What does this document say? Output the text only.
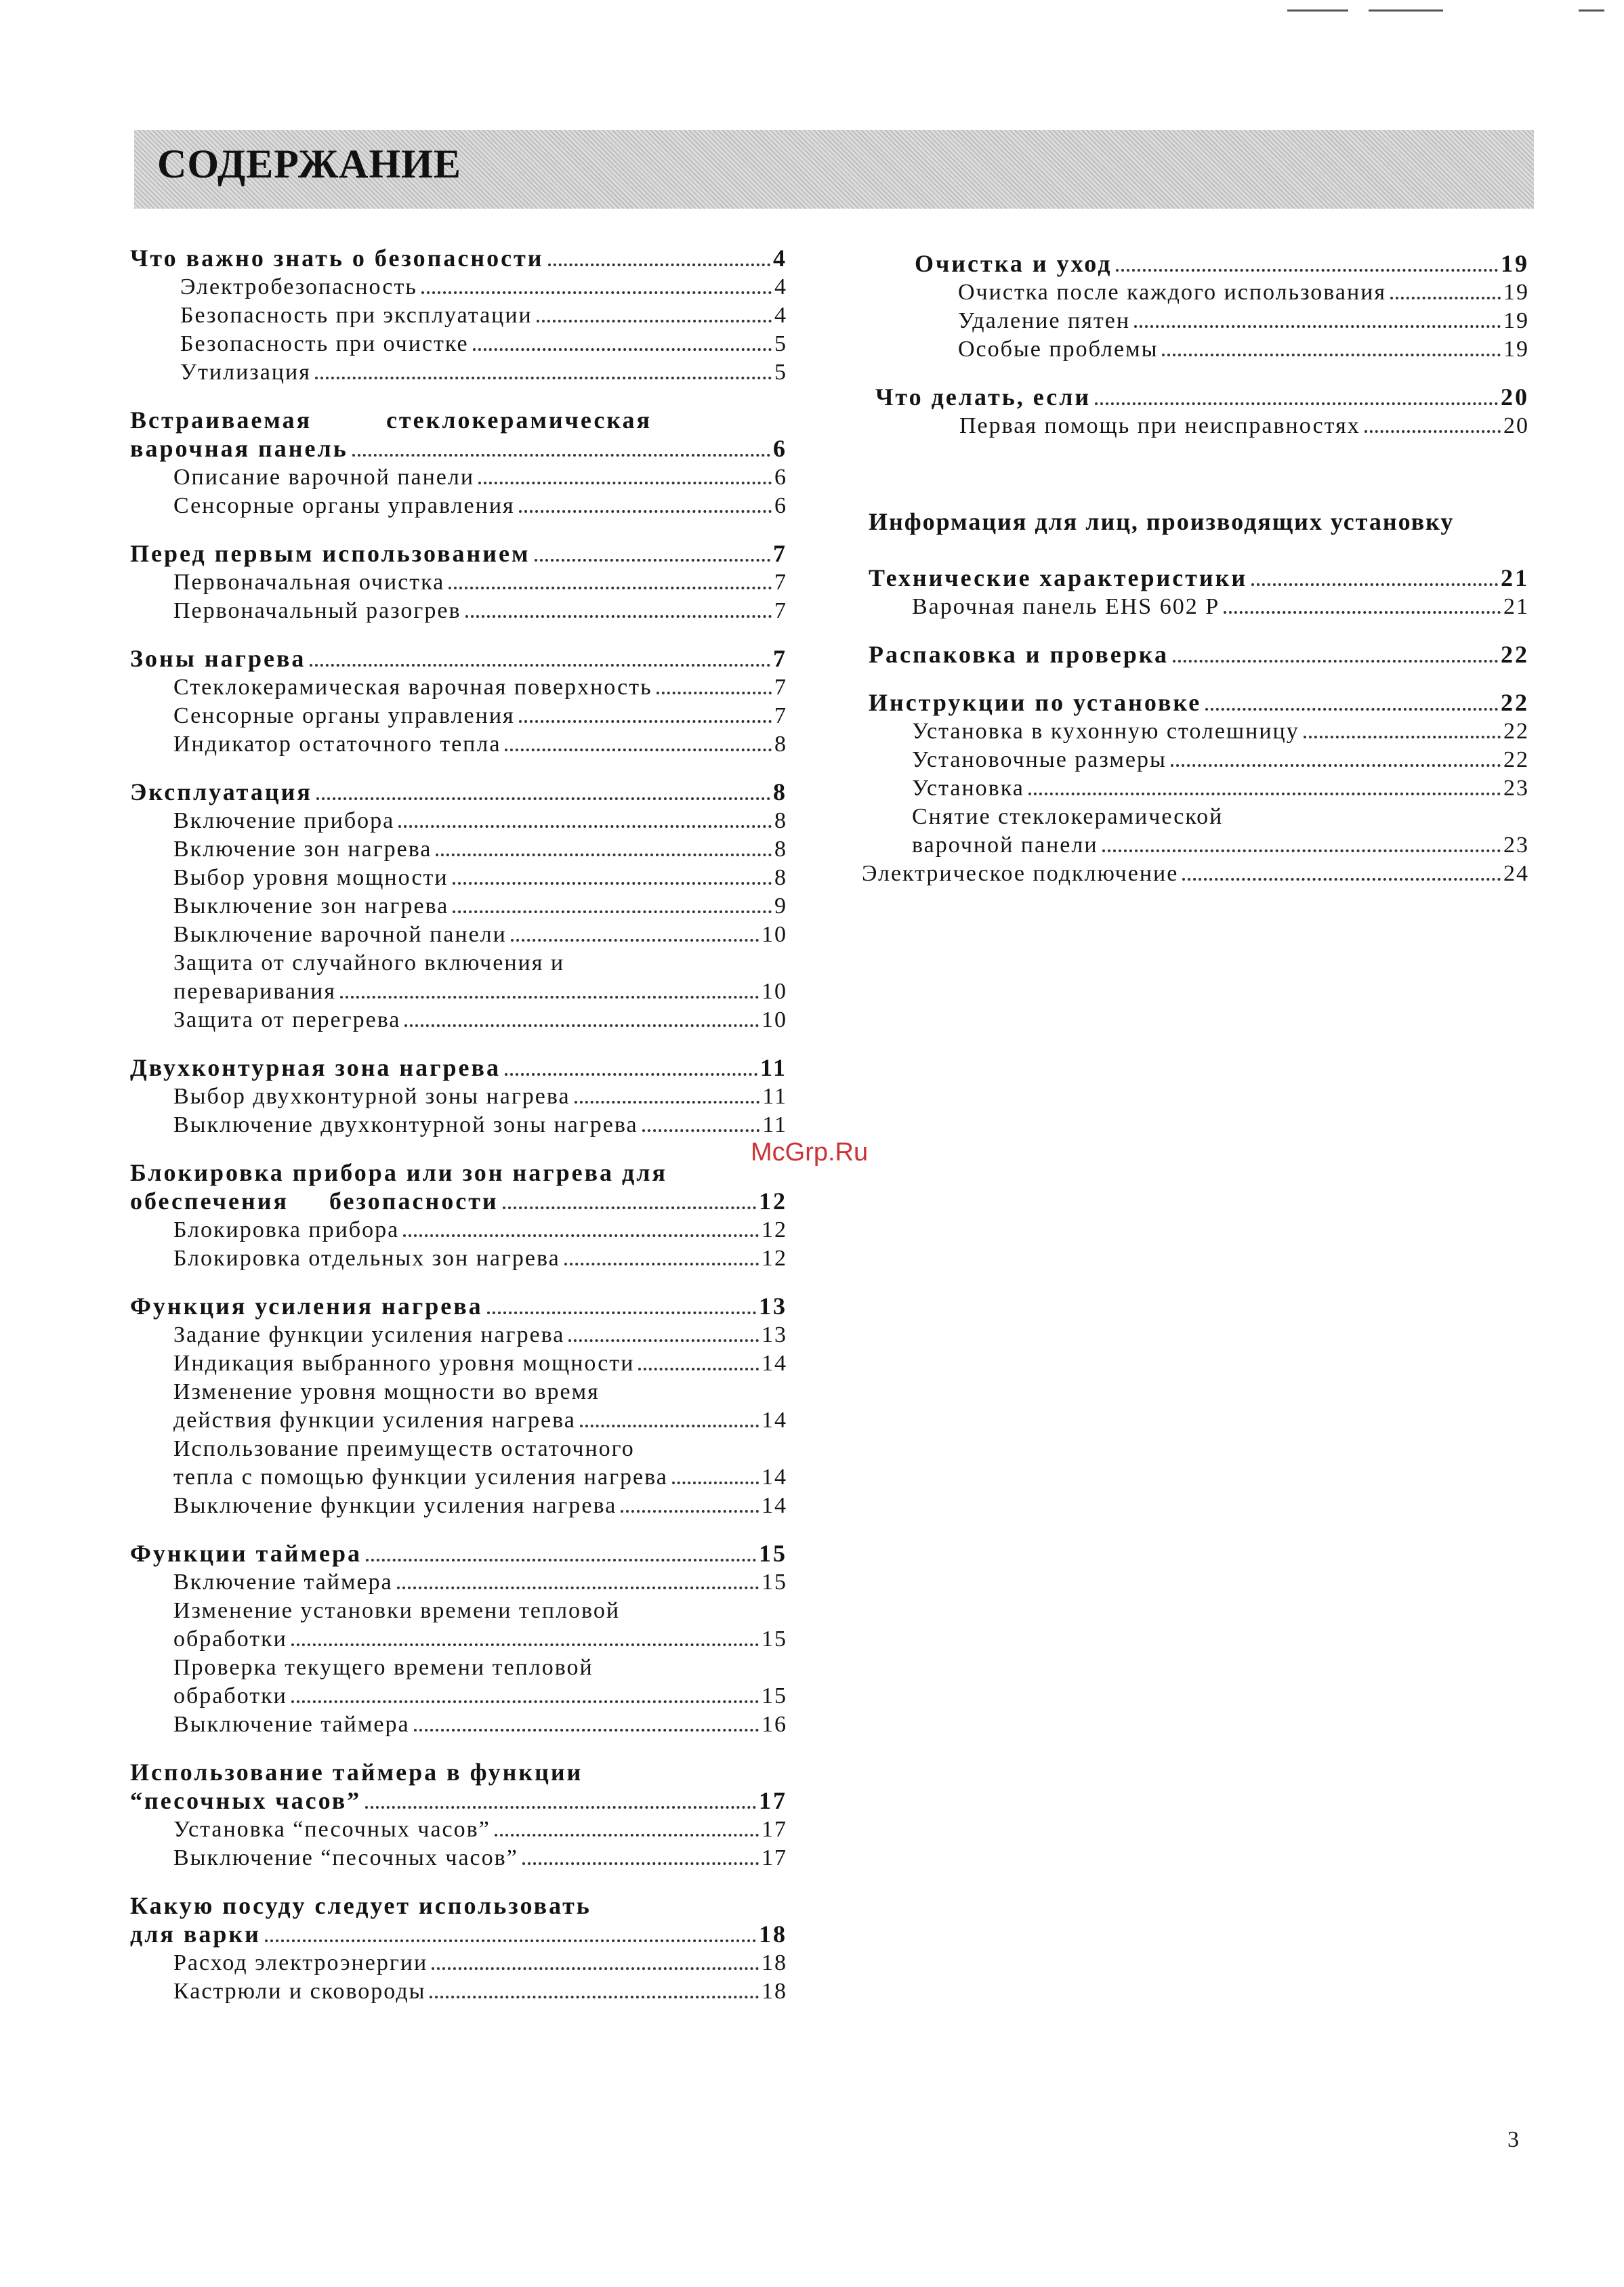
СОДЕРЖАНИЕ
Что важно знать о безопасности	4
Электробезопасность	4
Безопасность при эксплуатации	4
Безопасность при очистке	5
Утилизация	5
Встраиваемая	стеклокерамическая
варочная панель	6
Описание варочной панели	6
Сенсорные органы управления	6
Перед первым использованием	7
Первоначальная очистка	7
Первоначальный разогрев	7
Зоны нагрева	7
Стеклокерамическая варочная поверхность	7
Сенсорные органы управления	7
Индикатор остаточного тепла	8
Эксплуатация	8
Включение прибора	8
Включение зон нагрева	8
Выбор уровня мощности	8
Выключение зон нагрева	9
Выключение варочной панели	10
Защита от случайного включения и
переваривания	10
Защита от перегрева	10
Двухконтурная зона нагрева	11
Выбор двухконтурной зоны нагрева	11
Выключение двухконтурной зоны нагрева	11
Блокировка прибора или зон нагрева для
обеспечения безопасности	12
Блокировка прибора	12
Блокировка отдельных зон нагрева	12
Функция усиления нагрева	13
Задание функции усиления нагрева	13
Индикация выбранного уровня мощности	14
Изменение уровня мощности во время
действия функции усиления нагрева	14
Использование преимуществ остаточного
тепла с помощью функции усиления нагрева	14
Выключение функции усиления нагрева	14
Функции таймера	15
Включение таймера	15
Изменение установки времени тепловой
обработки	15
Проверка текущего времени тепловой
обработки	15
Выключение таймера	16
Использование таймера в функции
“песочных часов”	17
Установка “песочных часов”	17
Выключение “песочных часов”	17
Какую посуду следует использовать
для варки	18
Расход электроэнергии	18
Кастрюли и сковороды	18
Очистка и уход	19
Очистка после каждого использования	19
Удаление пятен	19
Особые проблемы	19
Что делать, если	20
Первая помощь при неисправностях	20
Информация для лиц, производящих установку
Технические характеристики	21
Варочная панель EHS 602 P	21
Распаковка и проверка	22
Инструкции по установке	22
Установка в кухонную столешницу	22
Установочные размеры	22
Установка	23
Снятие стеклокерамической
варочной панели	23
Электрическое подключение	24
McGrp.Ru
3
